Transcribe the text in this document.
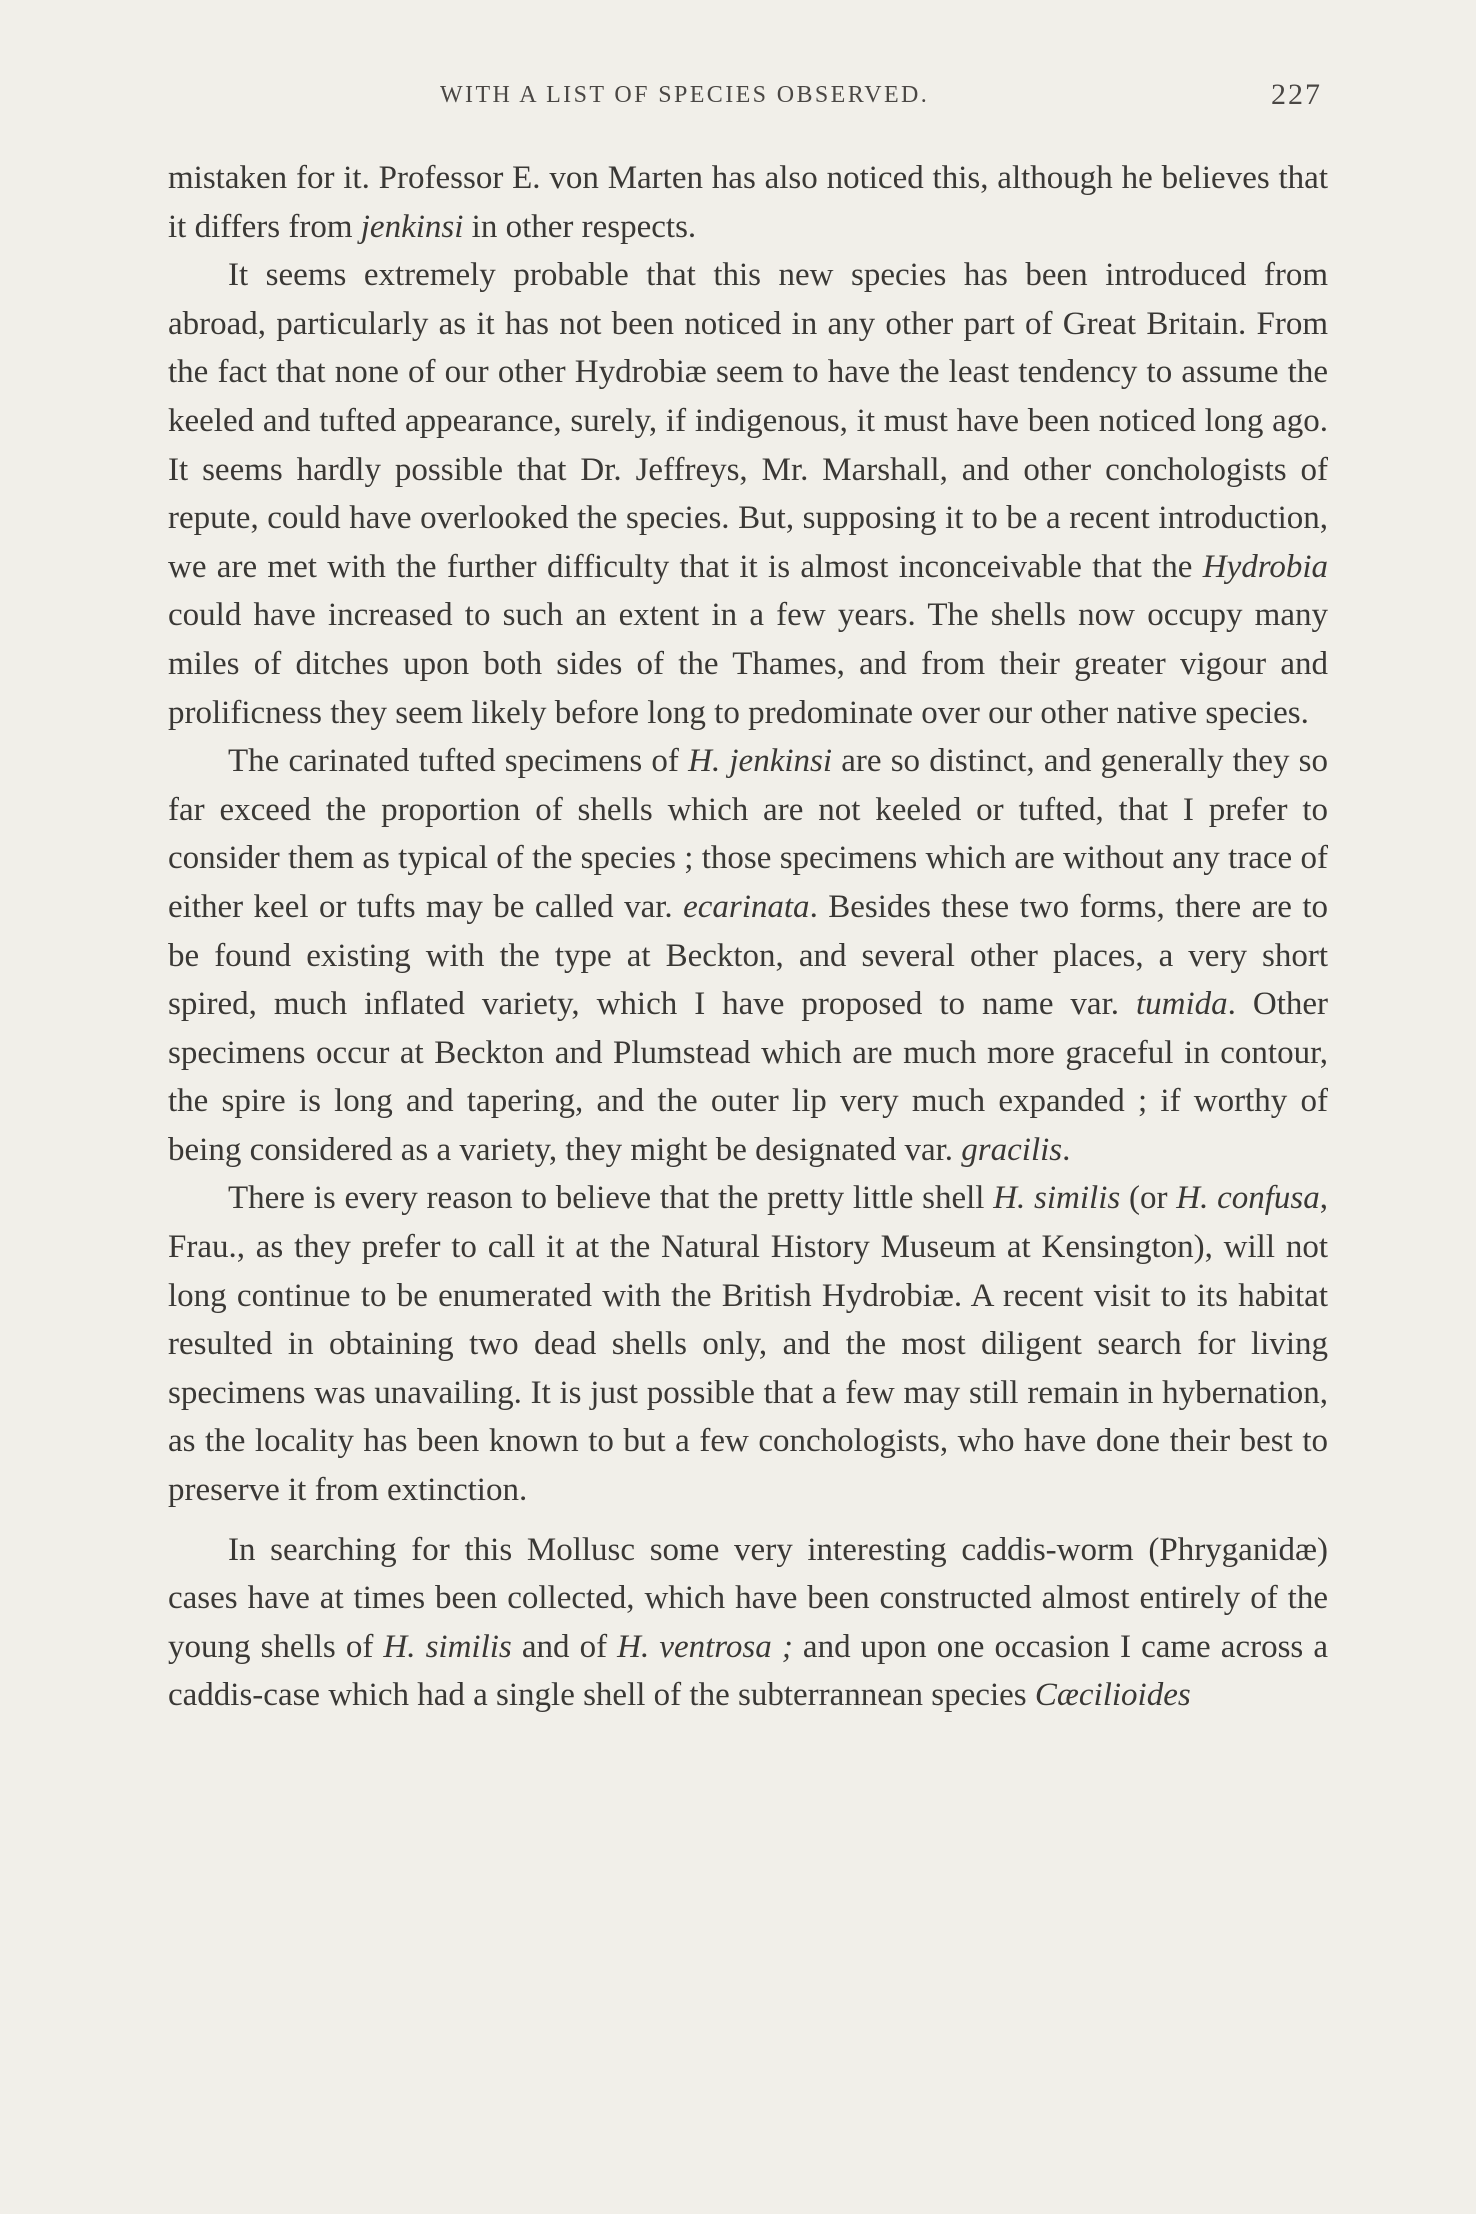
WITH A LIST OF SPECIES OBSERVED.	227

mistaken for it. Professor E. von Marten has also noticed this, although he believes that it differs from jenkinsi in other respects.

It seems extremely probable that this new species has been introduced from abroad, particularly as it has not been noticed in any other part of Great Britain. From the fact that none of our other Hydrobiæ seem to have the least tendency to assume the keeled and tufted appearance, surely, if indigenous, it must have been noticed long ago. It seems hardly possible that Dr. Jeffreys, Mr. Marshall, and other conchologists of repute, could have overlooked the species. But, supposing it to be a recent introduction, we are met with the further difficulty that it is almost inconceivable that the Hydrobia could have increased to such an extent in a few years. The shells now occupy many miles of ditches upon both sides of the Thames, and from their greater vigour and prolificness they seem likely before long to predominate over our other native species.

The carinated tufted specimens of H. jenkinsi are so distinct, and generally they so far exceed the proportion of shells which are not keeled or tufted, that I prefer to consider them as typical of the species ; those specimens which are without any trace of either keel or tufts may be called var. ecarinata. Besides these two forms, there are to be found existing with the type at Beckton, and several other places, a very short spired, much inflated variety, which I have proposed to name var. tumida. Other specimens occur at Beckton and Plumstead which are much more graceful in contour, the spire is long and tapering, and the outer lip very much expanded ; if worthy of being considered as a variety, they might be designated var. gracilis.

There is every reason to believe that the pretty little shell H. similis (or H. confusa, Frau., as they prefer to call it at the Natural History Museum at Kensington), will not long continue to be enumerated with the British Hydrobiæ. A recent visit to its habitat resulted in obtaining two dead shells only, and the most diligent search for living specimens was unavailing. It is just possible that a few may still remain in hybernation, as the locality has been known to but a few conchologists, who have done their best to preserve it from extinction.

In searching for this Mollusc some very interesting caddis-worm (Phryganidæ) cases have at times been collected, which have been constructed almost entirely of the young shells of H. similis and of H. ventrosa ; and upon one occasion I came across a caddis-case which had a single shell of the subterrannean species Cæcilioides
